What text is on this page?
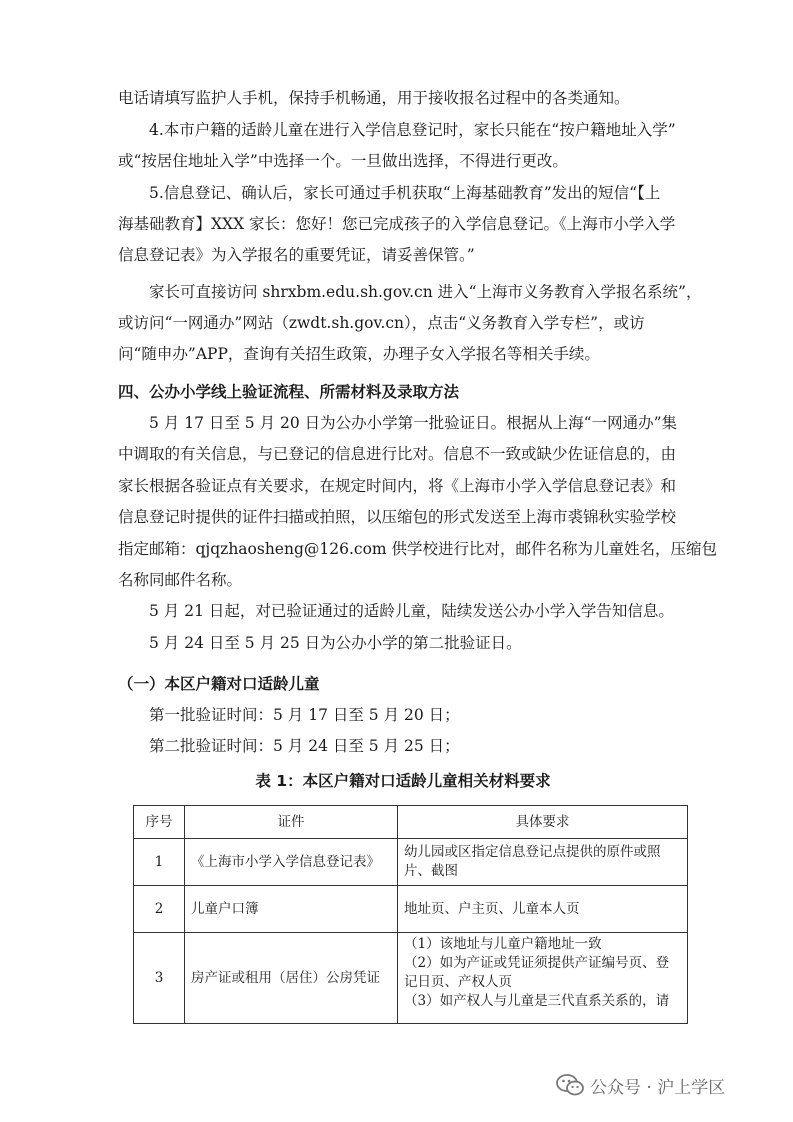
电话请填写监护人手机，保持手机畅通，用于接收报名过程中的各类通知。
　　4.本市户籍的适龄儿童在进行入学信息登记时，家长只能在“按户籍地址入学”
或“按居住地址入学”中选择一个。一旦做出选择，不得进行更改。
　　5.信息登记、确认后，家长可通过手机获取“上海基础教育”发出的短信“【上
海基础教育】XXX 家长：您好！您已完成孩子的入学信息登记。《上海市小学入学
信息登记表》为入学报名的重要凭证，请妥善保管。”
　　家长可直接访问 shrxbm.edu.sh.gov.cn 进入“上海市义务教育入学报名系统”，
或访问“一网通办”网站（zwdt.sh.gov.cn），点击“义务教育入学专栏”，或访
问“随申办”APP，查询有关招生政策，办理子女入学报名等相关手续。
　　5 月 17 日至 5 月 20 日为公办小学第一批验证日。根据从上海“一网通办”集
中调取的有关信息，与已登记的信息进行比对。信息不一致或缺少佐证信息的，由
家长根据各验证点有关要求，在规定时间内，将《上海市小学入学信息登记表》和
信息登记时提供的证件扫描或拍照，以压缩包的形式发送至上海市裘锦秋实验学校
指定邮箱：qjqzhaosheng@126.com 供学校进行比对，邮件名称为儿童姓名，压缩包
名称同邮件名称。
　　5 月 21 日起，对已验证通过的适龄儿童，陆续发送公办小学入学告知信息。
　　5 月 24 日至 5 月 25 日为公办小学的第二批验证日。
　　第一批验证时间：5 月 17 日至 5 月 20 日；
　　第二批验证时间：5 月 24 日至 5 月 25 日；
四、公办小学线上验证流程、所需材料及录取方法
（一）本区户籍对口适龄儿童
表 1：本区户籍对口适龄儿童相关材料要求
序号	证件	具体要求
1	《上海市小学入学信息登记表》	幼儿园或区指定信息登记点提供的原件或照片、截图
2	儿童户口簿	地址页、户主页、儿童本人页
3	房产证或租用（居住）公房凭证	（1）该地址与儿童户籍地址一致
（2）如为产证或凭证须提供产证编号页、登记日页、产权人页
（3）如产权人与儿童是三代直系关系的，请
公众号 · 沪上学区
